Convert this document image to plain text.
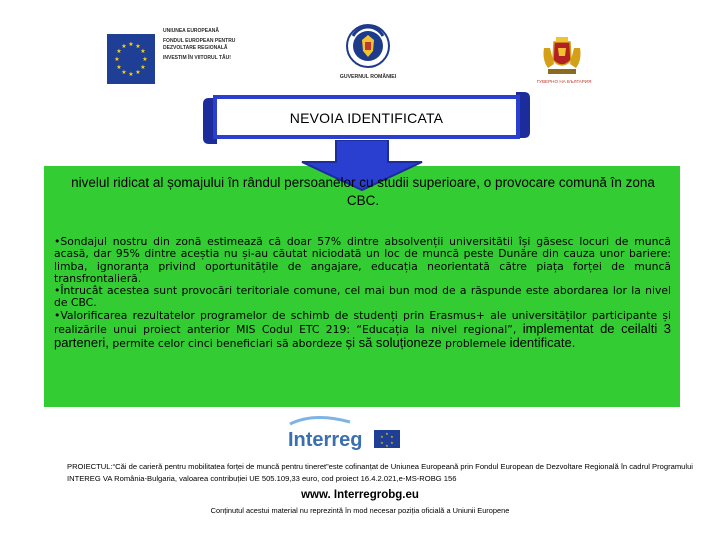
★ ★
★
★
★
★
★
★
★
★
★
★
UNIUNEA EUROPEANĂ
FONDUL EUROPEAN PENTRU
DEZVOLTARE REGIONALĂ
INVESTIM ÎN VIITORUL TĂU!
GUVERNUL ROMÂNIEI
ГУВЕРНО НА БЪЛГАРИЯ
NEVOIA IDENTIFICATA
nivelul ridicat al șomajului în rândul persoanelor cu studii superioare, o provocare comună în zona CBC.

•Sondajul nostru din zonă estimează că doar 57% dintre absolvenții universitătii își găsesc locuri de muncă acasă, dar 95% dintre aceștia nu și-au căutat niciodată un loc de muncă peste Dunăre din cauza unor bariere: limba, ignoranța privind oportunitățile de angajare, educația neorientată către piața forței de muncă transfrontalieră.

•Întrucât acestea sunt provocări teritoriale comune, cel mai bun mod de a răspunde este abordarea lor la nivel de CBC.

•Valorificarea rezultatelor programelor de schimb de studenți prin Erasmus+ ale universităților participante și realizările unui proiect anterior MIS Codul ETC 219: “Educația la nivel regional”, implementat de ceilalti 3 parteneri, permite celor cinci beneficiari să abordeze și să soluționeze problemele identificate.

Interreg	★
★
★
★
★
★
PROIECTUL:“Căi de carieră pentru mobilitatea forței de muncă pentru tineret”este cofinanțat de Uniunea Europeană prin Fondul European de Dezvoltare Regională în cadrul Programului INTEREG VA România-Bulgaria, valoarea contribuției UE 505.109,33 euro, cod proiect 16.4.2.021,e-MS-ROBG 156
www. Interregrobg.eu
Conținutul acestui material nu reprezintă în mod necesar poziția oficială a Uniunii Europene
